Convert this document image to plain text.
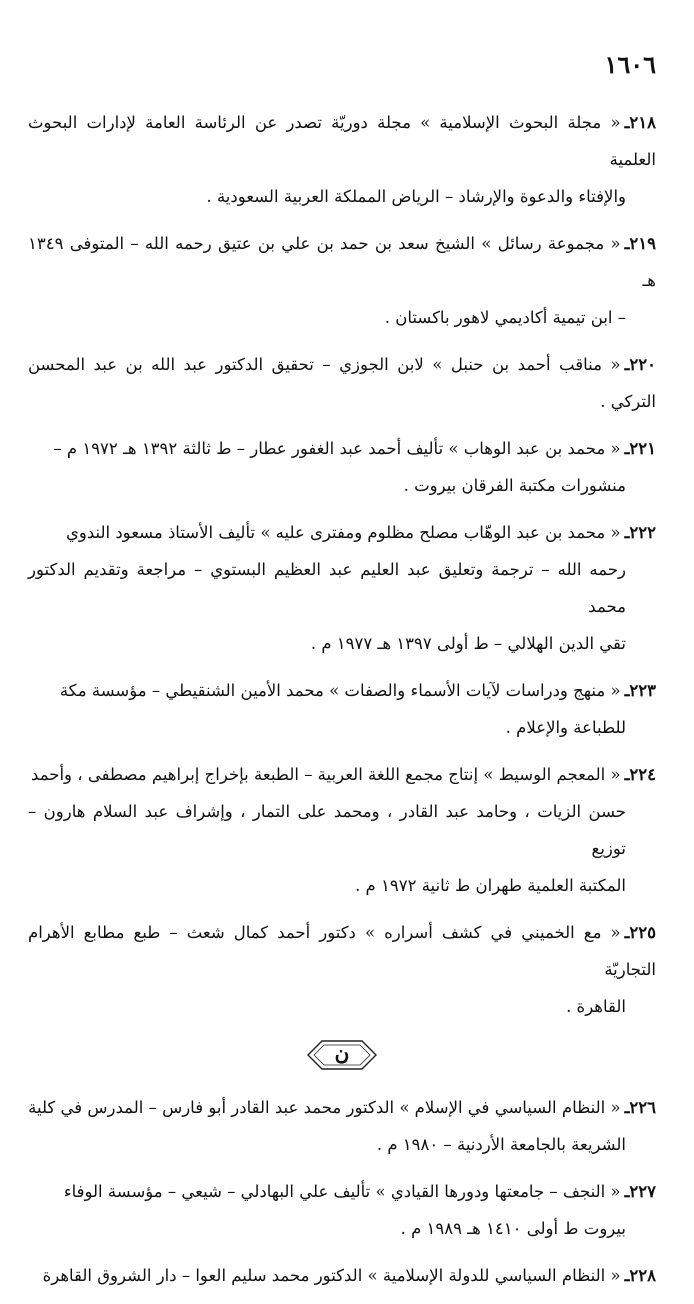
١٦٠٦
٢١٨ـ« مجلة البحوث الإسلامية » مجلة دوريّة تصدر عن الرئاسة العامة لإدارات البحوث العلمية
والإفتاء والدعوة والإرشاد – الرياض المملكة العربية السعودية .
٢١٩ـ« مجموعة رسائل » الشيخ سعد بن حمد بن علي بن عتيق رحمه الله – المتوفى ١٣٤٩ هـ
– ابن تيمية أكاديمي لاهور باكستان .
٢٢٠ـ« مناقب أحمد بن حنبل » لابن الجوزي – تحقيق الدكتور عبد الله بن عبد المحسن التركي .
٢٢١ـ« محمد بن عبد الوهاب » تأليف أحمد عبد الغفور عطار – ط ثالثة ١٣٩٢ هـ ١٩٧٢ م –
منشورات مكتبة الفرقان بيروت .
٢٢٢ـ« محمد بن عبد الوهّاب مصلح مظلوم ومفترى عليه » تأليف الأستاذ مسعود الندوي
رحمه الله – ترجمة وتعليق عبد العليم عبد العظيم البستوي – مراجعة وتقديم الدكتور محمد
تقي الدين الهلالي – ط أولى ١٣٩٧ هـ ١٩٧٧ م .
٢٢٣ـ« منهج ودراسات لآيات الأسماء والصفات » محمد الأمين الشنقيطي – مؤسسة مكة
للطباعة والإعلام .
٢٢٤ـ« المعجم الوسيط » إنتاج مجمع اللغة العربية – الطبعة بإخراج إبراهيم مصطفى ، وأحمد
حسن الزيات ، وحامد عبد القادر ، ومحمد على التمار ، وإشراف عبد السلام هارون – توزيع
المكتبة العلمية طهران ط ثانية ١٩٧٢ م .
٢٢٥ـ« مع الخميني في كشف أسراره » دكتور أحمد كمال شعث – طبع مطابع الأهرام التجاريّة
القاهرة .
ن
٢٢٦ـ« النظام السياسي في الإسلام » الدكتور محمد عبد القادر أبو فارس – المدرس في كلية
الشريعة بالجامعة الأردنية – ١٩٨٠ م .
٢٢٧ـ« النجف – جامعتها ودورها القيادي » تأليف علي البهادلي – شيعي – مؤسسة الوفاء
بيروت ط أولى ١٤١٠ هـ ١٩٨٩ م .
٢٢٨ـ« النظام السياسي للدولة الإسلامية » الدكتور محمد سليم العوا – دار الشروق القاهرة
